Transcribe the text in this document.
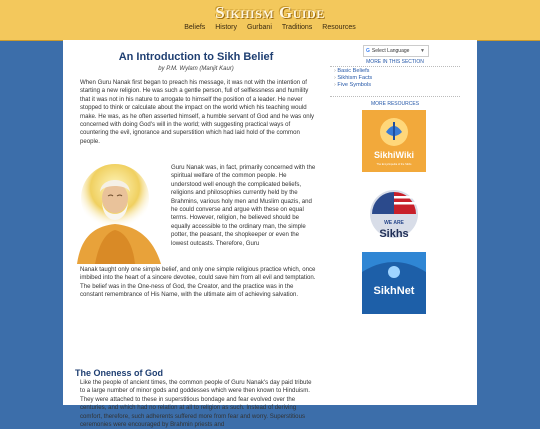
Sikhism Guide
Beliefs History Gurbani Traditions Resources
An Introduction to Sikh Belief
by P.M. Wylam (Manjit Kaur)
When Guru Nanak first began to preach his message, it was not with the intention of starting a new religion. He was such a gentle person, full of selflessness and humility that it was not in his nature to arrogate to himself the position of a leader. He never stopped to think or calculate about the impact on the world which his teaching would make. He was, as he often asserted himself, a humble servant of God and he was only concerned with doing God's will in the world; with suggesting practical ways of countering the evil, ignorance and superstition which had laid hold of the common people.
Guru Nanak was, in fact, primarily concerned with the spiritual welfare of the common people. He understood well enough the complicated beliefs, religions and philosophies currently held by the Brahmins, various holy men and Muslim quazis, and he could converse and argue with these on equal terms. However, religion, he believed should be equally accessible to the ordinary man, the simple potter, the peasant, the shopkeeper or even the lowest outcasts. Therefore, Guru
Nanak taught only one simple belief, and only one simple religious practice which, once imbibed into the heart of a sincere devotee, could save him from all evil and temptation. The belief was in the One-ness of God, the Creator, and the practice was in the constant remembrance of His Name, with the ultimate aim of achieving salvation.
The Oneness of God
Like the people of ancient times, the common people of Guru Nanak's day paid tribute to a large number of minor gods and goddesses which were then known to Hinduism. They were attached to these in superstitious bondage and fear evolved over the centuries, and which had no relation at all to religion as such. Instead of deriving comfort, therefore, such adherents suffered more from fear and worry. Superstitious ceremonies were encouraged by Brahmin priests and
G Select Language ▼
MORE IN THIS SECTION
› Basic Beliefs
› Sikhism Facts
› Five Symbols
MORE RESOURCES
SikhiWiki
The Encyclopedia of the Sikhs
WE ARE
Sikhs
SikhNet
